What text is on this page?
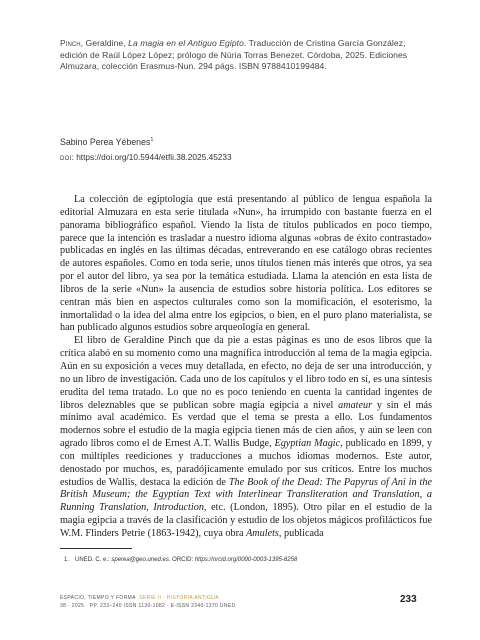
Pinch, Geraldine, La magia en el Antiguo Egipto. Traducción de Cristina García González; edición de Raúl López López; prólogo de Núria Torras Benezet. Córdoba, 2025. Ediciones Almuzara, colección Erasmus-Nun. 294 págs. ISBN 9788410199484.
Sabino Perea Yébenes$^1$
doi: https://doi.org/10.5944/etfii.38.2025.45233

La colección de egiptología que está presentando al público de lengua española la editorial Almuzara en esta serie titulada «Nun», ha irrumpido con bastante fuerza en el panorama bibliográfico español. Viendo la lista de títulos publicados en poco tiempo, parece que la intención es trasladar a nuestro idioma algunas «obras de éxito contrastado» publicadas en inglés en las últimas décadas, entreverando en ese catálogo obras recientes de autores españoles. Como en toda serie, unos títulos tienen más interés que otros, ya sea por el autor del libro, ya sea por la temática estudiada. Llama la atención en esta lista de libros de la serie «Nun» la ausencia de estudios sobre historia política. Los editores se centran más bien en aspectos culturales como son la momificación, el esoterismo, la inmortalidad o la idea del alma entre los egipcios, o bien, en el puro plano materialista, se han publicado algunos estudios sobre arqueología en general.

El libro de Geraldine Pinch que da pie a estas páginas es uno de esos libros que la crítica alabó en su momento como una magnífica introducción al tema de la magia egipcia. Aún en su exposición a veces muy detallada, en efecto, no deja de ser una introducción, y no un libro de investigación. Cada uno de los capítulos y el libro todo en sí, es una síntesis erudita del tema tratado. Lo que no es poco teniendo en cuenta la cantidad ingentes de libros deleznables que se publican sobre magia egipcia a nivel amateur y sin el más mínimo aval académico. Es verdad que el tema se presta a ello. Los fundamentos modernos sobre el estudio de la magia egipcia tienen más de cien años, y aún se leen con agrado libros como el de Ernest A.T. Wallis Budge, Egyptian Magic, publicado en 1899, y con múltiples reediciones y traducciones a muchos idiomas modernos. Este autor, denostado por muchos, es, paradójicamente emulado por sus críticos. Entre los muchos estudios de Wallis, destaca la edición de The Book of the Dead: The Papyrus of Ani in the British Museum; the Egyptian Text with Interlinear Transliteration and Translation, a Running Translation, Introduction, etc. (London, 1895). Otro pilar en el estudio de la magia egipcia a través de la clasificación y estudio de los objetos mágicos profilácticos fue W.M. Flinders Petrie (1863-1942), cuya obra Amulets, publicada

1. UNED. C. e.: sperea@geo.uned.es. ORCID: https://orcid.org/0000-0003-1395-8258
ESPACIO, TIEMPO Y FORMA SERIE II · HISTORIA ANTIGUA
38 · 2025 · PP. 233–240 ISSN 1130-1082 · E-ISSN 2340-1370 UNED
233
